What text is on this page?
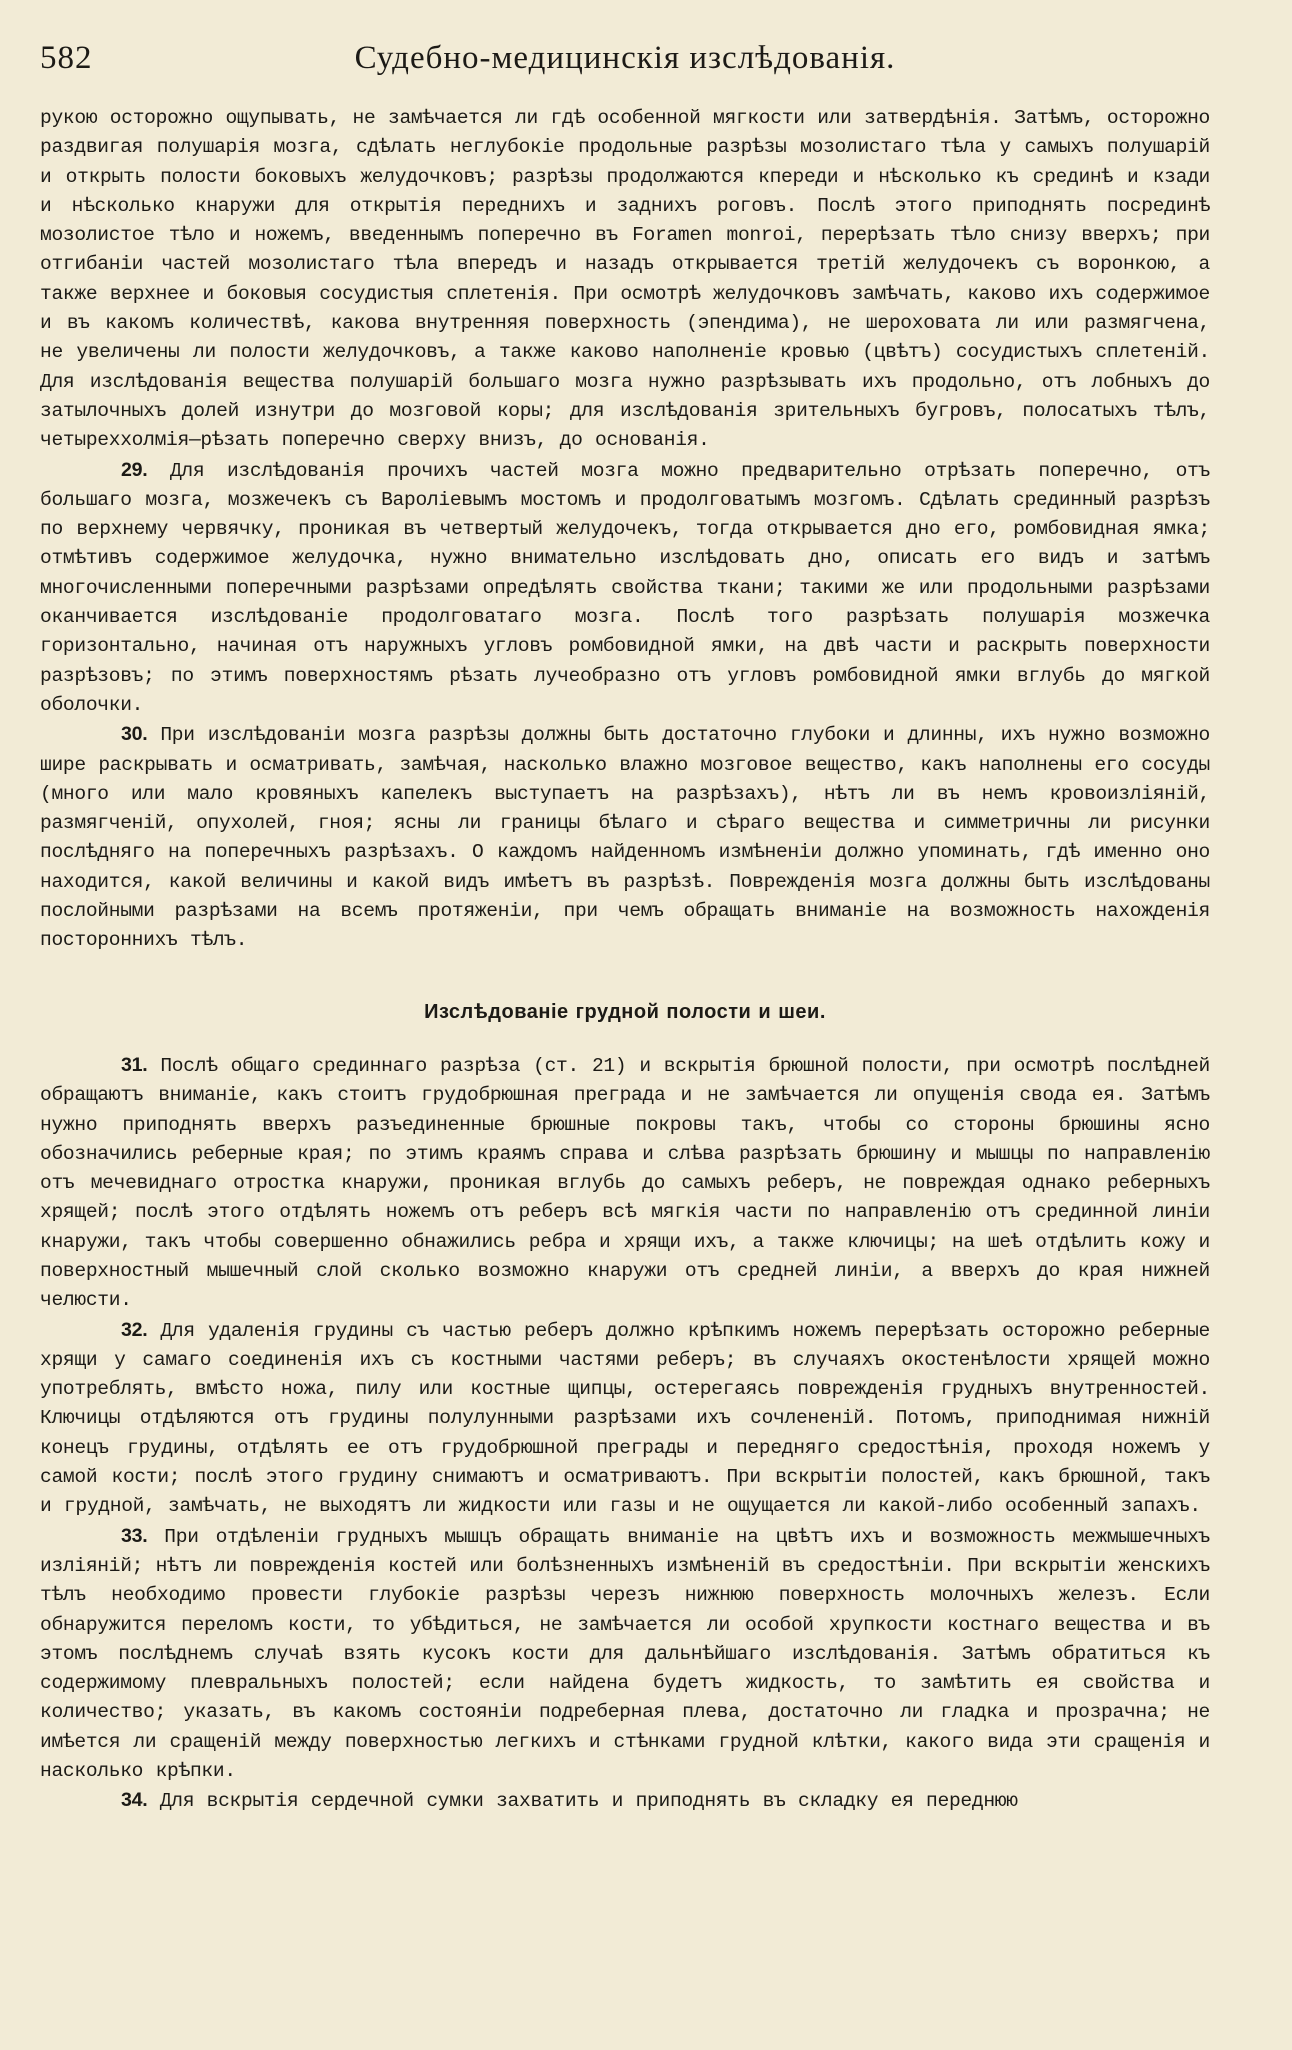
582	Судебно-медицинскія изслѣдованія.

рукою осторожно ощупывать, не замѣчается ли гдѣ особенной мягкости или затвердѣнія. Затѣмъ, осторожно раздвигая полушарія мозга, сдѣлать неглубокіе продольные разрѣзы мозолистаго тѣла у самыхъ полушарій и открыть полости боковыхъ желудочковъ; разрѣзы продолжаются кпереди и нѣсколько къ срединѣ и кзади и нѣсколько кнаружи для открытія переднихъ и заднихъ роговъ. Послѣ этого приподнять посрединѣ мозолистое тѣло и ножемъ, введеннымъ поперечно въ Foramen monroi, перерѣзать тѣло снизу вверхъ; при отгибаніи частей мозолистаго тѣла впередъ и назадъ открывается третій желудочекъ съ воронкою, а также верхнее и боковыя сосудистыя сплетенія. При осмотрѣ желудочковъ замѣчать, каково ихъ содержимое и въ какомъ количествѣ, какова внутренняя поверхность (эпендима), не шероховата ли или размягчена, не увеличены ли полости желудочковъ, а также каково наполненіе кровью (цвѣтъ) сосудистыхъ сплетеній. Для изслѣдованія вещества полушарій большаго мозга нужно разрѣзывать ихъ продольно, отъ лобныхъ до затылочныхъ долей изнутри до мозговой коры; для изслѣдованія зрительныхъ бугровъ, полосатыхъ тѣлъ, четыреххолмія—рѣзать поперечно сверху внизъ, до основанія.

29. Для изслѣдованія прочихъ частей мозга можно предварительно отрѣзать поперечно, отъ большаго мозга, мозжечекъ съ Варолiевымъ мостомъ и продолговатымъ мозгомъ. Сдѣлать срединный разрѣзъ по верхнему червячку, проникая въ четвертый желудочекъ, тогда открывается дно его, ромбовидная ямка; отмѣтивъ содержимое желудочка, нужно внимательно изслѣдовать дно, описать его видъ и затѣмъ многочисленными поперечными разрѣзами опредѣлять свойства ткани; такими же или продольными разрѣзами оканчивается изслѣдованіе продолговатаго мозга. Послѣ того разрѣзать полушарія мозжечка горизонтально, начиная отъ наружныхъ угловъ ромбовидной ямки, на двѣ части и раскрыть поверхности разрѣзовъ; по этимъ поверхностямъ рѣзать лучеобразно отъ угловъ ромбовидной ямки вглубь до мягкой оболочки.

30. При изслѣдованіи мозга разрѣзы должны быть достаточно глубоки и длинны, ихъ нужно возможно шире раскрывать и осматривать, замѣчая, насколько влажно мозговое вещество, какъ наполнены его сосуды (много или мало кровяныхъ капелекъ выступаетъ на разрѣзахъ), нѣтъ ли въ немъ кровоизліяній, размягченій, опухолей, гноя; ясны ли границы бѣлаго и сѣраго вещества и симметричны ли рисунки послѣдняго на поперечныхъ разрѣзахъ. О каждомъ найденномъ измѣненіи должно упоминать, гдѣ именно оно находится, какой величины и какой видъ имѣетъ въ разрѣзѣ. Поврежденія мозга должны быть изслѣдованы послойными разрѣзами на всемъ протяженіи, при чемъ обращать вниманіе на возможность нахожденія постороннихъ тѣлъ.

Изслѣдованіе грудной полости и шеи.

31. Послѣ общаго срединнаго разрѣза (ст. 21) и вскрытія брюшной полости, при осмотрѣ послѣдней обращаютъ вниманіе, какъ стоитъ грудобрюшная преграда и не замѣчается ли опущенія свода ея. Затѣмъ нужно приподнять вверхъ разъединенные брюшные покровы такъ, чтобы со стороны брюшины ясно обозначились реберные края; по этимъ краямъ справа и слѣва разрѣзать брюшину и мышцы по направленію отъ мечевиднаго отростка кнаружи, проникая вглубь до самыхъ реберъ, не повреждая однако реберныхъ хрящей; послѣ этого отдѣлять ножемъ отъ реберъ всѣ мягкія части по направленію отъ срединной линіи кнаружи, такъ чтобы совершенно обнажились ребра и хрящи ихъ, а также ключицы; на шеѣ отдѣлить кожу и поверхностный мышечный слой сколько возможно кнаружи отъ средней линіи, а вверхъ до края нижней челюсти.

32. Для удаленія грудины съ частью реберъ должно крѣпкимъ ножемъ перерѣзать осторожно реберные хрящи у самаго соединенія ихъ съ костными частями реберъ; въ случаяхъ окостенѣлости хрящей можно употреблять, вмѣсто ножа, пилу или костные щипцы, остерегаясь поврежденія грудныхъ внутренностей. Ключицы отдѣляются отъ грудины полулунными разрѣзами ихъ сочлененій. Потомъ, приподнимая нижній конецъ грудины, отдѣлять ее отъ грудобрюшной преграды и передняго средостѣнія, проходя ножемъ у самой кости; послѣ этого грудину снимаютъ и осматриваютъ. При вскрытіи полостей, какъ брюшной, такъ и грудной, замѣчать, не выходятъ ли жидкости или газы и не ощущается ли какой-либо особенный запахъ.

33. При отдѣленіи грудныхъ мышцъ обращать вниманіе на цвѣтъ ихъ и возможность межмышечныхъ изліяній; нѣтъ ли поврежденія костей или болѣзненныхъ измѣненій въ средостѣніи. При вскрытіи женскихъ тѣлъ необходимо провести глубокіе разрѣзы черезъ нижнюю поверхность молочныхъ железъ. Если обнаружится переломъ кости, то убѣдиться, не замѣчается ли особой хрупкости костнаго вещества и въ этомъ послѣднемъ случаѣ взять кусокъ кости для дальнѣйшаго изслѣдованія. Затѣмъ обратиться къ содержимому плевральныхъ полостей; если найдена будетъ жидкость, то замѣтить ея свойства и количество; указать, въ какомъ состояніи подреберная плевa, достаточно ли гладка и прозрачна; не имѣется ли сращеній между поверхностью легкихъ и стѣнками грудной клѣтки, какого вида эти сращенія и насколько крѣпки.

34. Для вскрытія сердечной сумки захватить и приподнять въ складку ея переднюю
